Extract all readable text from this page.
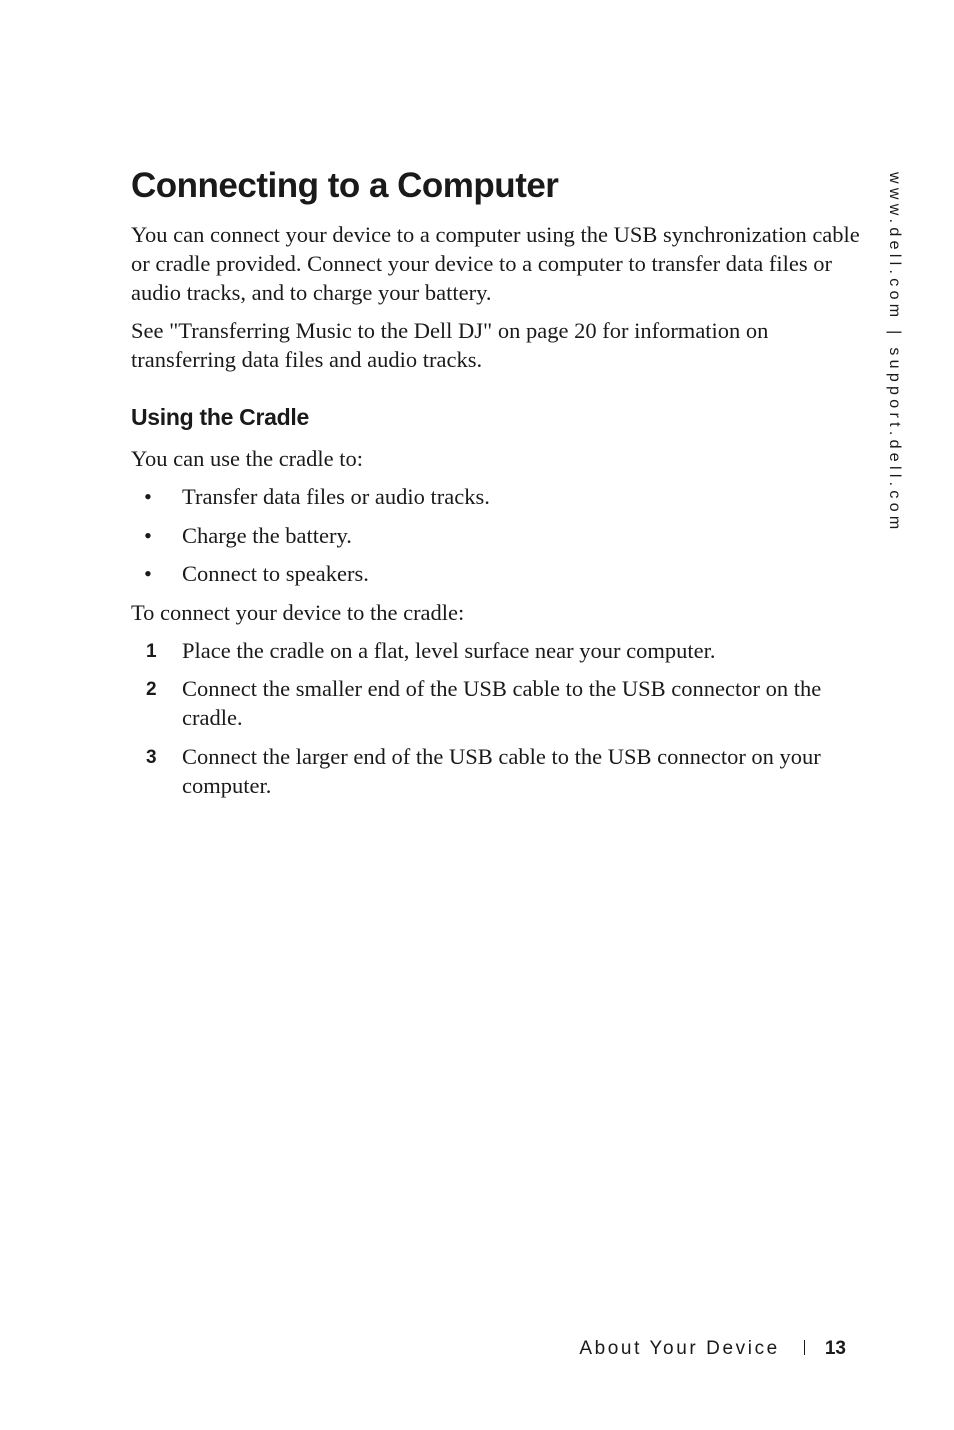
www.dell.com | support.dell.com
Connecting to a Computer

You can connect your device to a computer using the USB synchronization cable or cradle provided. Connect your device to a computer to transfer data files or audio tracks, and to charge your battery.

See "Transferring Music to the Dell DJ" on page 20 for information on transferring data files and audio tracks.

Using the Cradle

You can use the cradle to:

• Transfer data files or audio tracks.
• Charge the battery.
• Connect to speakers.

To connect your device to the cradle:

1 Place the cradle on a flat, level surface near your computer.
2 Connect the smaller end of the USB cable to the USB connector on the cradle.
3 Connect the larger end of the USB cable to the USB connector on your computer.
About Your Device 13
